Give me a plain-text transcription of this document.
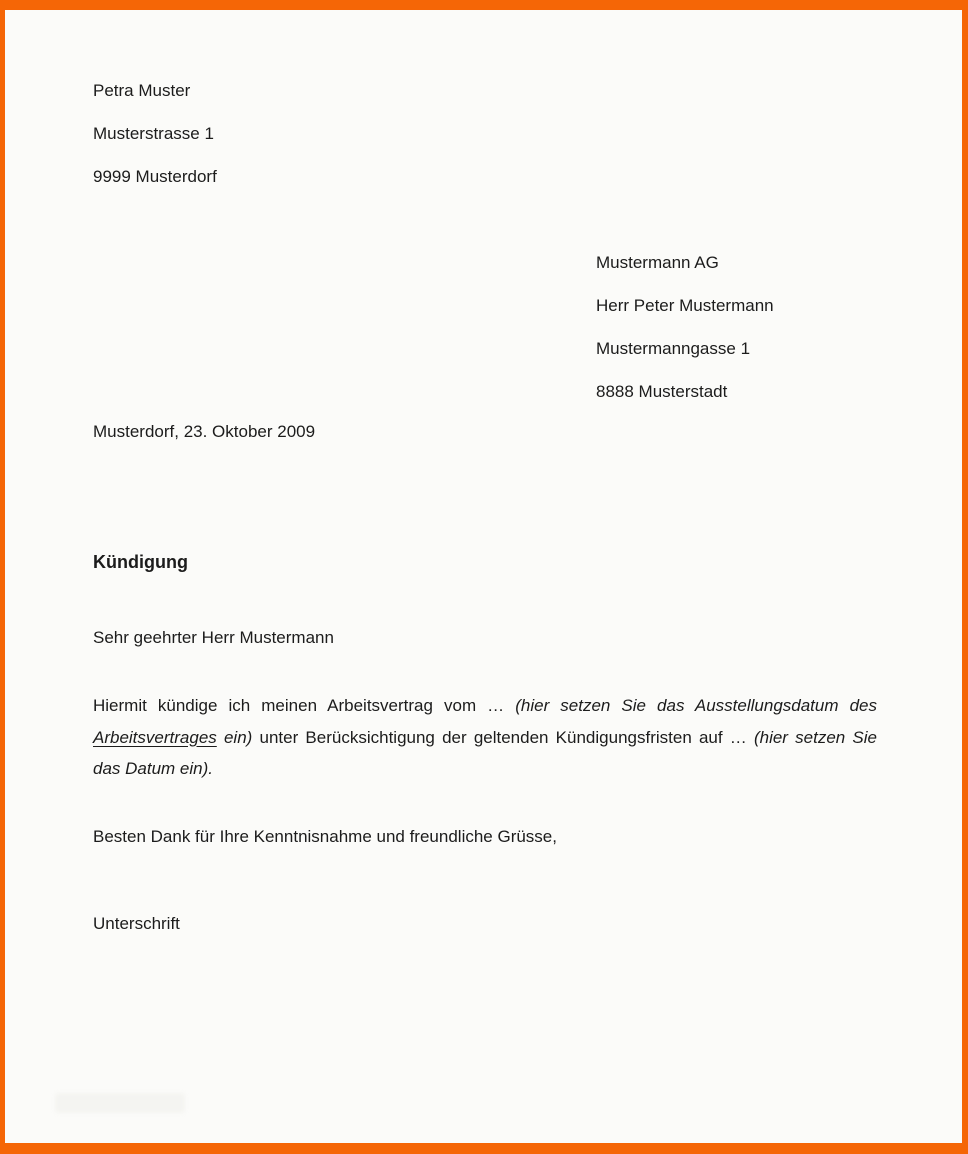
Petra Muster

Musterstrasse 1

9999 Musterdorf

Mustermann AG

Herr Peter Mustermann

Mustermanngasse 1

8888 Musterstadt

Musterdorf, 23. Oktober 2009
Kündigung
Sehr geehrter Herr Mustermann
Hiermit kündige ich meinen Arbeitsvertrag vom … (hier setzen Sie das Ausstellungsdatum des Arbeitsvertrages ein) unter Berücksichtigung der geltenden Kündigungsfristen auf … (hier setzen Sie das Datum ein).
Besten Dank für Ihre Kenntnisnahme und freundliche Grüsse,
Unterschrift
